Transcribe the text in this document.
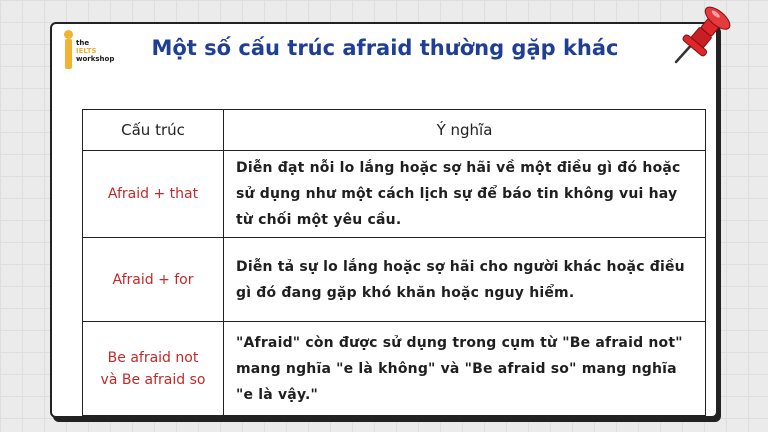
the
IELTS
workshop	Một số cấu trúc afraid thường gặp khác
Cấu trúc	Ý nghĩa

Afraid + that	Diễn đạt nỗi lo lắng hoặc sợ hãi về một điều gì đó hoặc sử dụng như một cách lịch sự để báo tin không vui hay từ chối một yêu cầu.

Afraid + for	Diễn tả sự lo lắng hoặc sợ hãi cho người khác hoặc điều gì đó đang gặp khó khăn hoặc nguy hiểm.

Be afraid not
và Be afraid so	"Afraid" còn được sử dụng trong cụm từ "Be afraid not" mang nghĩa "e là không" và "Be afraid so" mang nghĩa "e là vậy."
